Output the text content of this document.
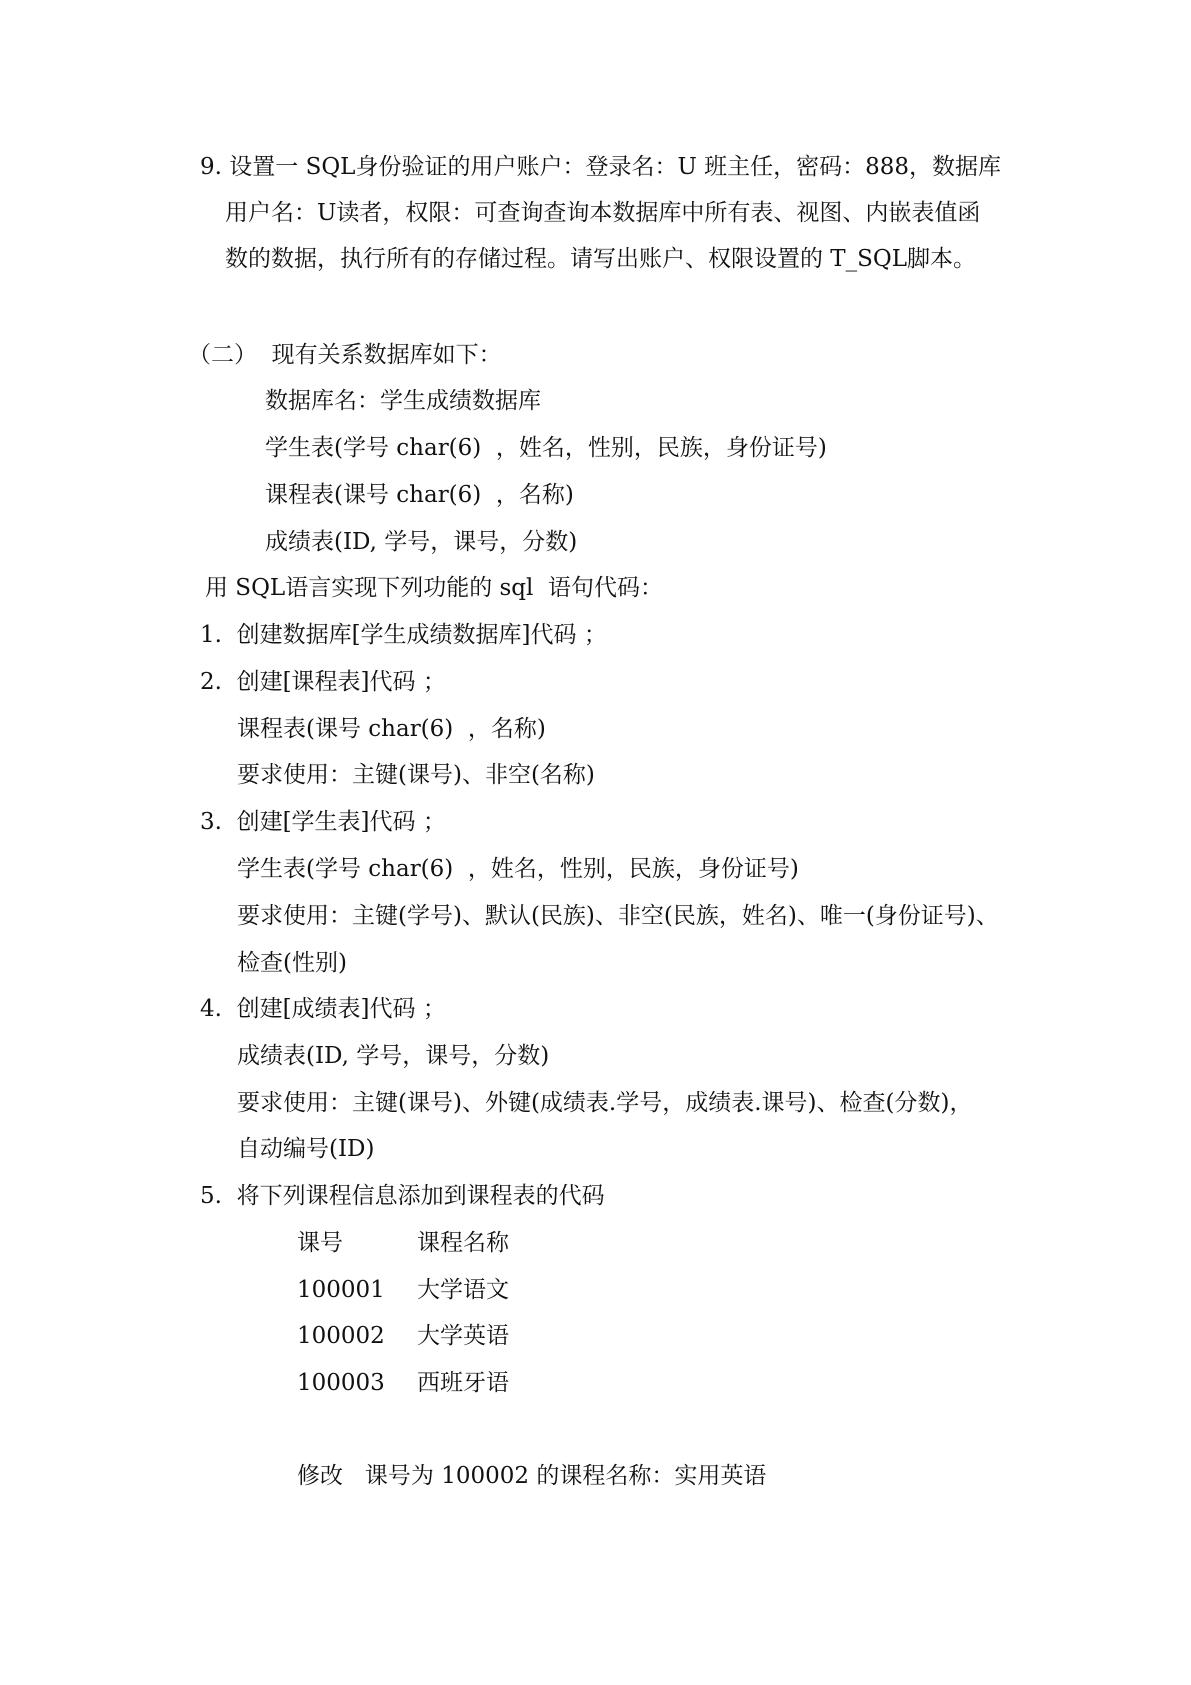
9. 设置一 SQL身份验证的用户账户：登录名：U 班主任，密码：888，数据库
用户名：U读者，权限：可查询查询本数据库中所有表、视图、内嵌表值函
数的数据，执行所有的存储过程。请写出账户、权限设置的 T_SQL脚本。
（二）  现有关系数据库如下：
数据库名：学生成绩数据库
学生表(学号 char(6)  ，姓名，性别，民族，身份证号)
课程表(课号 char(6)  ，名称)
成绩表(ID, 学号，课号，分数)
用 SQL语言实现下列功能的 sql  语句代码：
1.  创建数据库[学生成绩数据库]代码 ；
2.  创建[课程表]代码 ；
课程表(课号 char(6)  ，名称)
要求使用：主键(课号)、非空(名称)
3.  创建[学生表]代码 ；
学生表(学号 char(6)  ，姓名，性别，民族，身份证号)
要求使用：主键(学号)、默认(民族)、非空(民族，姓名)、唯一(身份证号)、
检查(性别)
4.  创建[成绩表]代码 ；
成绩表(ID, 学号，课号，分数)
要求使用：主键(课号)、外键(成绩表.学号，成绩表.课号)、检查(分数)，
自动编号(ID)
5.  将下列课程信息添加到课程表的代码
课号	课程名称
100001 大学语文
100002 大学英语
100003 西班牙语
修改   课号为 100002 的课程名称：实用英语
